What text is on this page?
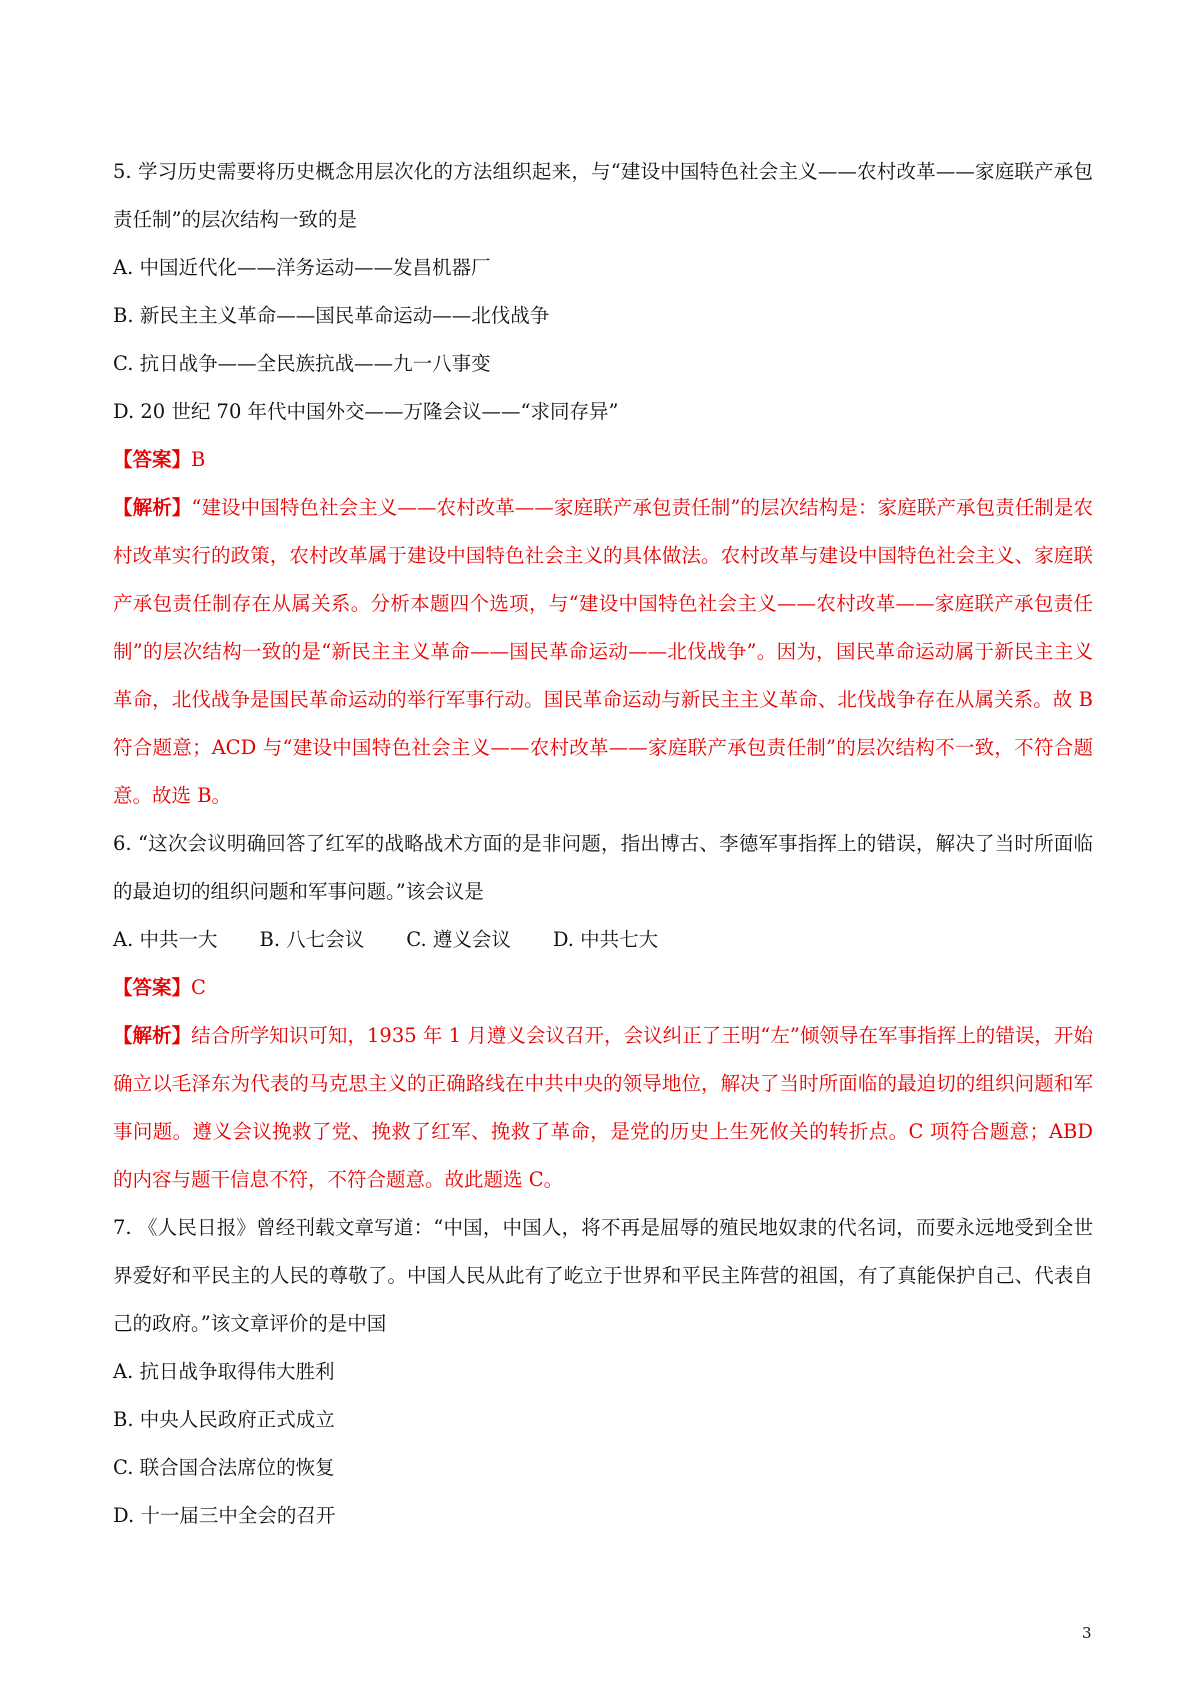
5. 学习历史需要将历史概念用层次化的方法组织起来，与“建设中国特色社会主义——农村改革——家庭联产承包责任制”的层次结构一致的是
A. 中国近代化——洋务运动——发昌机器厂
B. 新民主主义革命——国民革命运动——北伐战争
C. 抗日战争——全民族抗战——九一八事变
D. 20 世纪 70 年代中国外交——万隆会议——“求同存异”
【答案】B
【解析】“建设中国特色社会主义——农村改革——家庭联产承包责任制”的层次结构是：家庭联产承包责任制是农村改革实行的政策，农村改革属于建设中国特色社会主义的具体做法。农村改革与建设中国特色社会主义、家庭联产承包责任制存在从属关系。分析本题四个选项，与“建设中国特色社会主义——农村改革——家庭联产承包责任制”的层次结构一致的是“新民主主义革命——国民革命运动——北伐战争”。因为，国民革命运动属于新民主主义革命，北伐战争是国民革命运动的举行军事行动。国民革命运动与新民主主义革命、北伐战争存在从属关系。故 B 符合题意；ACD 与“建设中国特色社会主义——农村改革——家庭联产承包责任制”的层次结构不一致，不符合题意。故选 B。
6. “这次会议明确回答了红军的战略战术方面的是非问题，指出博古、李德军事指挥上的错误，解决了当时所面临的最迫切的组织问题和军事问题。”该会议是
A. 中共一大 B. 八七会议 C. 遵义会议 D. 中共七大
【答案】C
【解析】结合所学知识可知，1935 年 1 月遵义会议召开，会议纠正了王明“左”倾领导在军事指挥上的错误，开始确立以毛泽东为代表的马克思主义的正确路线在中共中央的领导地位，解决了当时所面临的最迫切的组织问题和军事问题。遵义会议挽救了党、挽救了红军、挽救了革命，是党的历史上生死攸关的转折点。C 项符合题意；ABD 的内容与题干信息不符，不符合题意。故此题选 C。
7. 《人民日报》曾经刊载文章写道：“中国，中国人，将不再是屈辱的殖民地奴隶的代名词，而要永远地受到全世界爱好和平民主的人民的尊敬了。中国人民从此有了屹立于世界和平民主阵营的祖国，有了真能保护自己、代表自己的政府。”该文章评价的是中国
A. 抗日战争取得伟大胜利
B. 中央人民政府正式成立
C. 联合国合法席位的恢复
D. 十一届三中全会的召开
3
